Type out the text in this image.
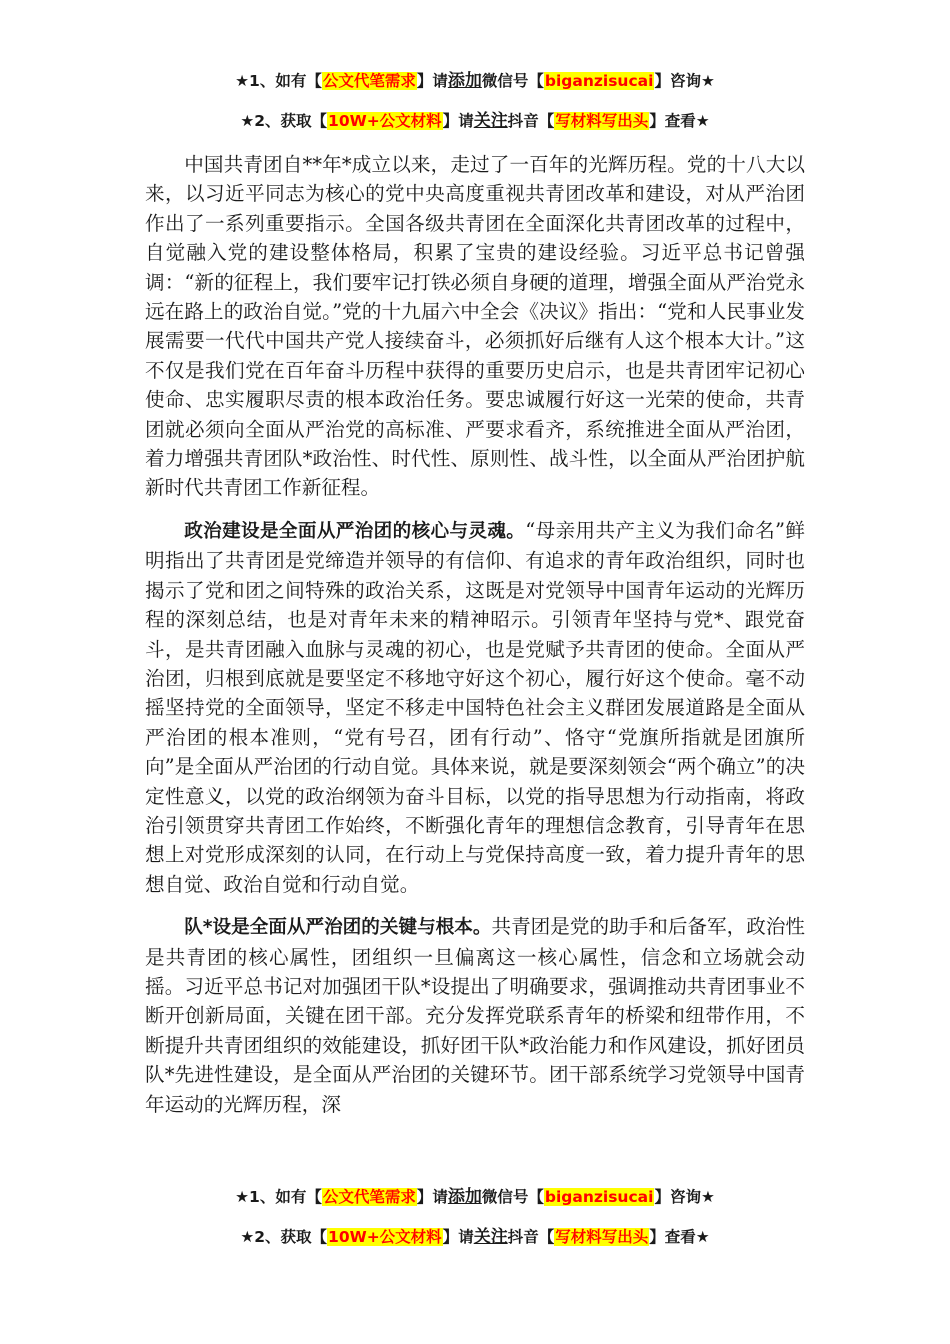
★1、如有【公文代笔需求】请添加微信号【biganzisucai】咨询★
★2、获取【10W+公文材料】请关注抖音【写材料写出头】查看★

中国共青团自**年*成立以来，走过了一百年的光辉历程。党的十八大以来，以习近平同志为核心的党中央高度重视共青团改革和建设，对从严治团作出了一系列重要指示。全国各级共青团在全面深化共青团改革的过程中，自觉融入党的建设整体格局，积累了宝贵的建设经验。习近平总书记曾强调：“新的征程上，我们要牢记打铁必须自身硬的道理，增强全面从严治党永远在路上的政治自觉。”党的十九届六中全会《决议》指出：“党和人民事业发展需要一代代中国共产党人接续奋斗，必须抓好后继有人这个根本大计。”这不仅是我们党在百年奋斗历程中获得的重要历史启示，也是共青团牢记初心使命、忠实履职尽责的根本政治任务。要忠诚履行好这一光荣的使命，共青团就必须向全面从严治党的高标准、严要求看齐，系统推进全面从严治团，着力增强共青团队*政治性、时代性、原则性、战斗性，以全面从严治团护航新时代共青团工作新征程。

政治建设是全面从严治团的核心与灵魂。“母亲用共产主义为我们命名”鲜明指出了共青团是党缔造并领导的有信仰、有追求的青年政治组织，同时也揭示了党和团之间特殊的政治关系，这既是对党领导中国青年运动的光辉历程的深刻总结，也是对青年未来的精神昭示。引领青年坚持与党*、跟党奋斗，是共青团融入血脉与灵魂的初心，也是党赋予共青团的使命。全面从严治团，归根到底就是要坚定不移地守好这个初心，履行好这个使命。毫不动摇坚持党的全面领导，坚定不移走中国特色社会主义群团发展道路是全面从严治团的根本准则，“党有号召，团有行动”、恪守“党旗所指就是团旗所向”是全面从严治团的行动自觉。具体来说，就是要深刻领会“两个确立”的决定性意义，以党的政治纲领为奋斗目标，以党的指导思想为行动指南，将政治引领贯穿共青团工作始终，不断强化青年的理想信念教育，引导青年在思想上对党形成深刻的认同，在行动上与党保持高度一致，着力提升青年的思想自觉、政治自觉和行动自觉。

队*设是全面从严治团的关键与根本。共青团是党的助手和后备军，政治性是共青团的核心属性，团组织一旦偏离这一核心属性，信念和立场就会动摇。习近平总书记对加强团干队*设提出了明确要求，强调推动共青团事业不断开创新局面，关键在团干部。充分发挥党联系青年的桥梁和纽带作用，不断提升共青团组织的效能建设，抓好团干队*政治能力和作风建设，抓好团员队*先进性建设，是全面从严治团的关键环节。团干部系统学习党领导中国青年运动的光辉历程，深

★1、如有【公文代笔需求】请添加微信号【biganzisucai】咨询★
★2、获取【10W+公文材料】请关注抖音【写材料写出头】查看★
